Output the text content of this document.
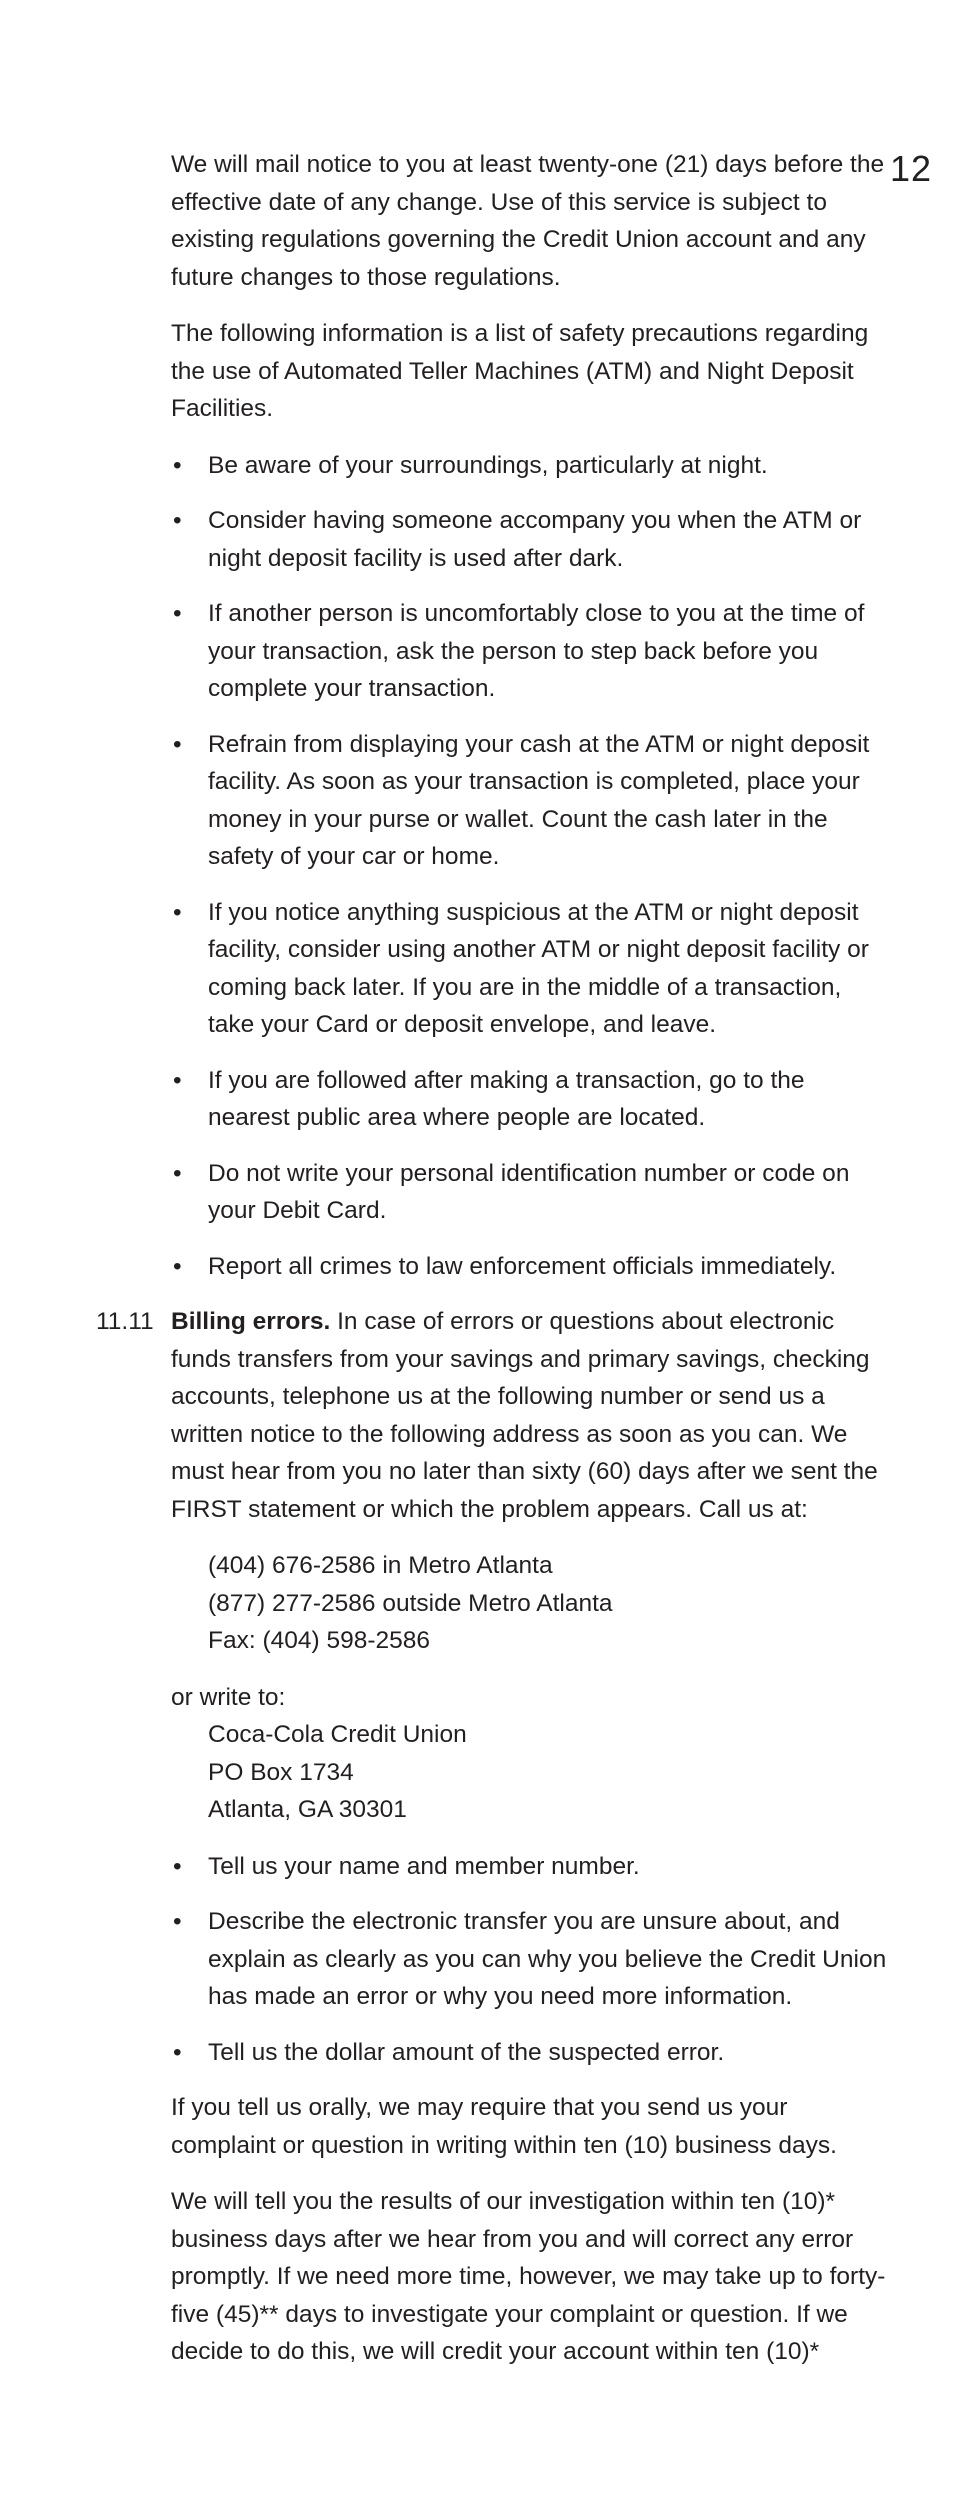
12

We will mail notice to you at least twenty-one (21) days before the effective date of any change. Use of this service is subject to existing regulations governing the Credit Union account and any future changes to those regulations.

The following information is a list of safety precautions regarding the use of Automated Teller Machines (ATM) and Night Deposit Facilities.

• Be aware of your surroundings, particularly at night.
• Consider having someone accompany you when the ATM or night deposit facility is used after dark.
• If another person is uncomfortably close to you at the time of your transaction, ask the person to step back before you complete your transaction.
• Refrain from displaying your cash at the ATM or night deposit facility. As soon as your transaction is completed, place your money in your purse or wallet. Count the cash later in the safety of your car or home.
• If you notice anything suspicious at the ATM or night deposit facility, consider using another ATM or night deposit facility or coming back later. If you are in the middle of a transaction, take your Card or deposit envelope, and leave.
• If you are followed after making a transaction, go to the nearest public area where people are located.
• Do not write your personal identification number or code on your Debit Card.
• Report all crimes to law enforcement officials immediately.
11.11 Billing errors. In case of errors or questions about electronic funds transfers from your savings and primary savings, checking accounts, telephone us at the following number or send us a written notice to the following address as soon as you can. We must hear from you no later than sixty (60) days after we sent the FIRST statement or which the problem appears. Call us at:
(404) 676-2586 in Metro Atlanta
(877) 277-2586 outside Metro Atlanta
Fax: (404) 598-2586
or write to:
Coca-Cola Credit Union
PO Box 1734
Atlanta, GA 30301
• Tell us your name and member number.
• Describe the electronic transfer you are unsure about, and explain as clearly as you can why you believe the Credit Union has made an error or why you need more information.
• Tell us the dollar amount of the suspected error.

If you tell us orally, we may require that you send us your complaint or question in writing within ten (10) business days.

We will tell you the results of our investigation within ten (10)* business days after we hear from you and will correct any error promptly. If we need more time, however, we may take up to forty-five (45)** days to investigate your complaint or question. If we decide to do this, we will credit your account within ten (10)*
